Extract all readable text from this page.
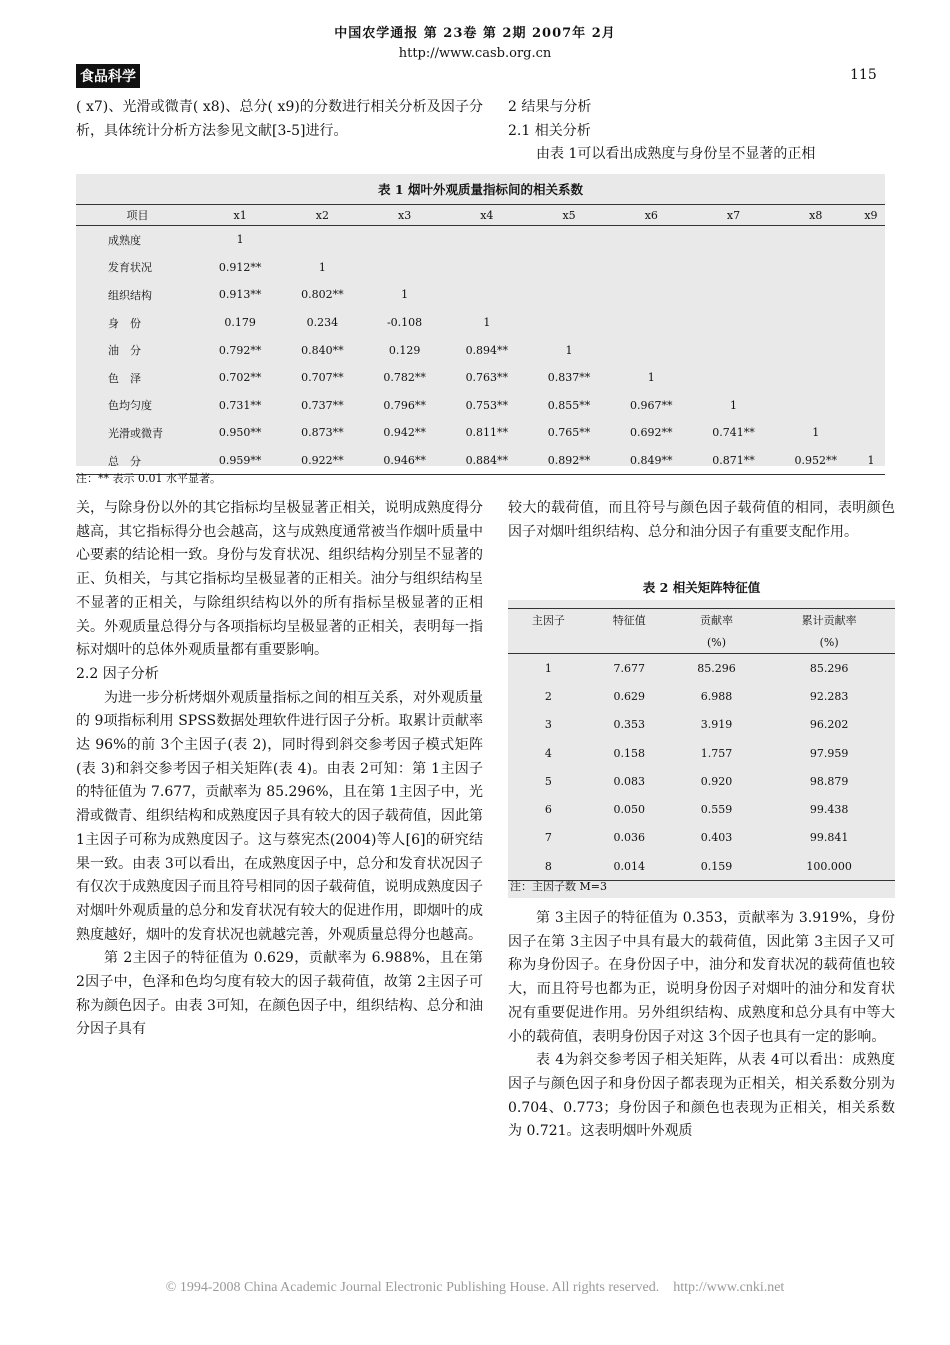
中国农学通报 第 23卷 第 2期 2007年 2月
http://www.casb.org.cn
食品科学	115

( x7)、光滑或微青( x8)、总分( x9)的分数进行相关分析及因子分析，具体统计分析方法参见文献[3-5]进行。

2 结果与分析

2.1 相关分析

由表 1可以看出成熟度与身份呈不显著的正相

表 1 烟叶外观质量指标间的相关系数
项目	x1	x2	x3	x4	x5	x6	x7	x8	x9
成熟度	1								
发育状况	0.912**	1							
组织结构	0.913**	0.802**	1						
身　份	0.179	0.234	-0.108	1					
油　分	0.792**	0.840**	0.129	0.894**	1				
色　泽	0.702**	0.707**	0.782**	0.763**	0.837**	1			
色均匀度	0.731**	0.737**	0.796**	0.753**	0.855**	0.967**	1		
光滑或微青	0.950**	0.873**	0.942**	0.811**	0.765**	0.692**	0.741**	1	
总　分	0.959**	0.922**	0.946**	0.884**	0.892**	0.849**	0.871**	0.952**	1
注：** 表示 0.01 水平显著。

关，与除身份以外的其它指标均呈极显著正相关，说明成熟度得分越高，其它指标得分也会越高，这与成熟度通常被当作烟叶质量中心要素的结论相一致。身份与发育状况、组织结构分别呈不显著的正、负相关，与其它指标均呈极显著的正相关。油分与组织结构呈不显著的正相关，与除组织结构以外的所有指标呈极显著的正相关。外观质量总得分与各项指标均呈极显著的正相关，表明每一指标对烟叶的总体外观质量都有重要影响。

2.2 因子分析

为进一步分析烤烟外观质量指标之间的相互关系，对外观质量的 9项指标利用 SPSS数据处理软件进行因子分析。取累计贡献率达 96%的前 3个主因子(表 2)，同时得到斜交参考因子模式矩阵(表 3)和斜交参考因子相关矩阵(表 4)。由表 2可知：第 1主因子的特征值为 7.677，贡献率为 85.296%，且在第 1主因子中，光滑或微青、组织结构和成熟度因子具有较大的因子载荷值，因此第 1主因子可称为成熟度因子。这与蔡宪杰(2004)等人[6]的研究结果一致。由表 3可以看出，在成熟度因子中，总分和发育状况因子有仅次于成熟度因子而且符号相同的因子载荷值，说明成熟度因子对烟叶外观质量的总分和发育状况有较大的促进作用，即烟叶的成熟度越好，烟叶的发育状况也就越完善，外观质量总得分也越高。

第 2主因子的特征值为 0.629，贡献率为 6.988%，且在第 2因子中，色泽和色均匀度有较大的因子载荷值，故第 2主因子可称为颜色因子。由表 3可知，在颜色因子中，组织结构、总分和油分因子具有

较大的载荷值，而且符号与颜色因子载荷值的相同，表明颜色因子对烟叶组织结构、总分和油分因子有重要支配作用。

表 2 相关矩阵特征值
主因子	特征值	贡献率	累计贡献率
		(%)	(%)
1	7.677	85.296	85.296
2	0.629	6.988	92.283
3	0.353	3.919	96.202
4	0.158	1.757	97.959
5	0.083	0.920	98.879
6	0.050	0.559	99.438
7	0.036	0.403	99.841
8	0.014	0.159	100.000
注：主因子数 M=3

第 3主因子的特征值为 0.353，贡献率为 3.919%，身份因子在第 3主因子中具有最大的载荷值，因此第 3主因子又可称为身份因子。在身份因子中，油分和发育状况的载荷值也较大，而且符号也都为正，说明身份因子对烟叶的油分和发育状况有重要促进作用。另外组织结构、成熟度和总分具有中等大小的载荷值，表明身份因子对这 3个因子也具有一定的影响。

表 4为斜交参考因子相关矩阵，从表 4可以看出：成熟度因子与颜色因子和身份因子都表现为正相关，相关系数分别为 0.704、0.773；身份因子和颜色也表现为正相关，相关系数为 0.721。这表明烟叶外观质

© 1994-2008 China Academic Journal Electronic Publishing House. All rights reserved.　http://www.cnki.net
